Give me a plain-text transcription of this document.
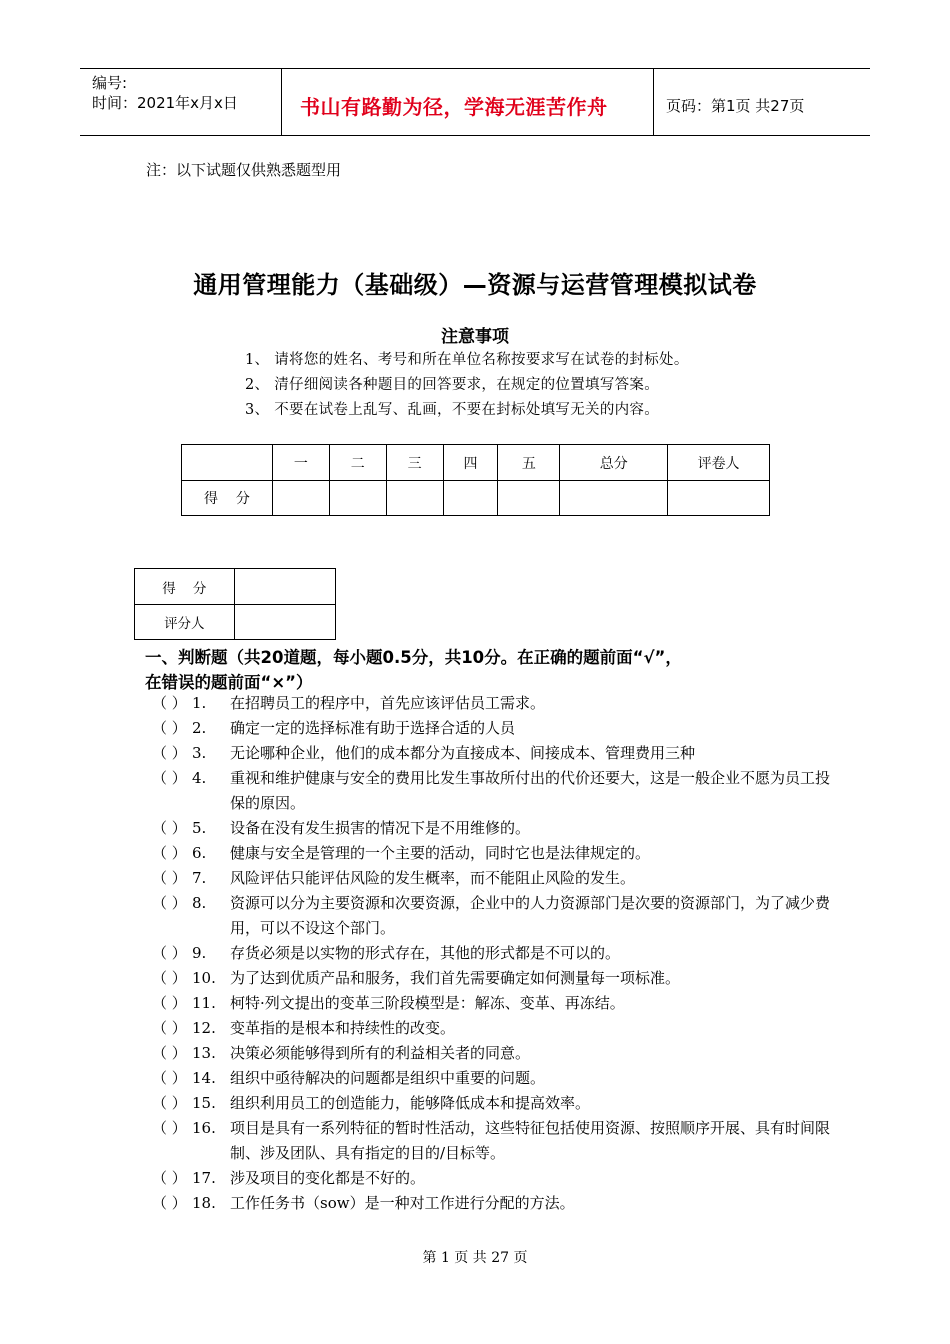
编号:
时间：2021年x月x日	书山有路勤为径，学海无涯苦作舟	页码：第1页 共27页
注：以下试题仅供熟悉题型用
通用管理能力（基础级）—资源与运营管理模拟试卷
注意事项
1、 请将您的姓名、考号和所在单位名称按要求写在试卷的封标处。
2、 清仔细阅读各种题目的回答要求，在规定的位置填写答案。
3、 不要在试卷上乱写、乱画，不要在封标处填写无关的内容。
	一	二	三	四	五	总分	评卷人
得    分							
得    分	
评分人	
一、判断题（共20道题，每小题0.5分，共10分。在正确的题前面“√”，
在错误的题前面“×”）
（ ） 1. 在招聘员工的程序中，首先应该评估员工需求。
（ ） 2. 确定一定的选择标准有助于选择合适的人员
（ ） 3. 无论哪种企业，他们的成本都分为直接成本、间接成本、管理费用三种
（ ） 4. 重视和维护健康与安全的费用比发生事故所付出的代价还要大，这是一般企业不愿为员工投保的原因。
（ ） 5. 设备在没有发生损害的情况下是不用维修的。
（ ） 6. 健康与安全是管理的一个主要的活动，同时它也是法律规定的。
（ ） 7. 风险评估只能评估风险的发生概率，而不能阻止风险的发生。
（ ） 8. 资源可以分为主要资源和次要资源，企业中的人力资源部门是次要的资源部门，为了减少费用，可以不设这个部门。
（ ） 9. 存货必须是以实物的形式存在，其他的形式都是不可以的。
（ ） 10. 为了达到优质产品和服务，我们首先需要确定如何测量每一项标准。
（ ） 11. 柯特·列文提出的变革三阶段模型是：解冻、变革、再冻结。
（ ） 12. 变革指的是根本和持续性的改变。
（ ） 13. 决策必须能够得到所有的利益相关者的同意。
（ ） 14. 组织中亟待解决的问题都是组织中重要的问题。
（ ） 15. 组织利用员工的创造能力，能够降低成本和提高效率。
（ ） 16. 项目是具有一系列特征的暂时性活动，这些特征包括使用资源、按照顺序开展、具有时间限制、涉及团队、具有指定的目的/目标等。
（ ） 17. 涉及项目的变化都是不好的。
（ ） 18. 工作任务书（sow）是一种对工作进行分配的方法。
第 1 页 共 27 页
